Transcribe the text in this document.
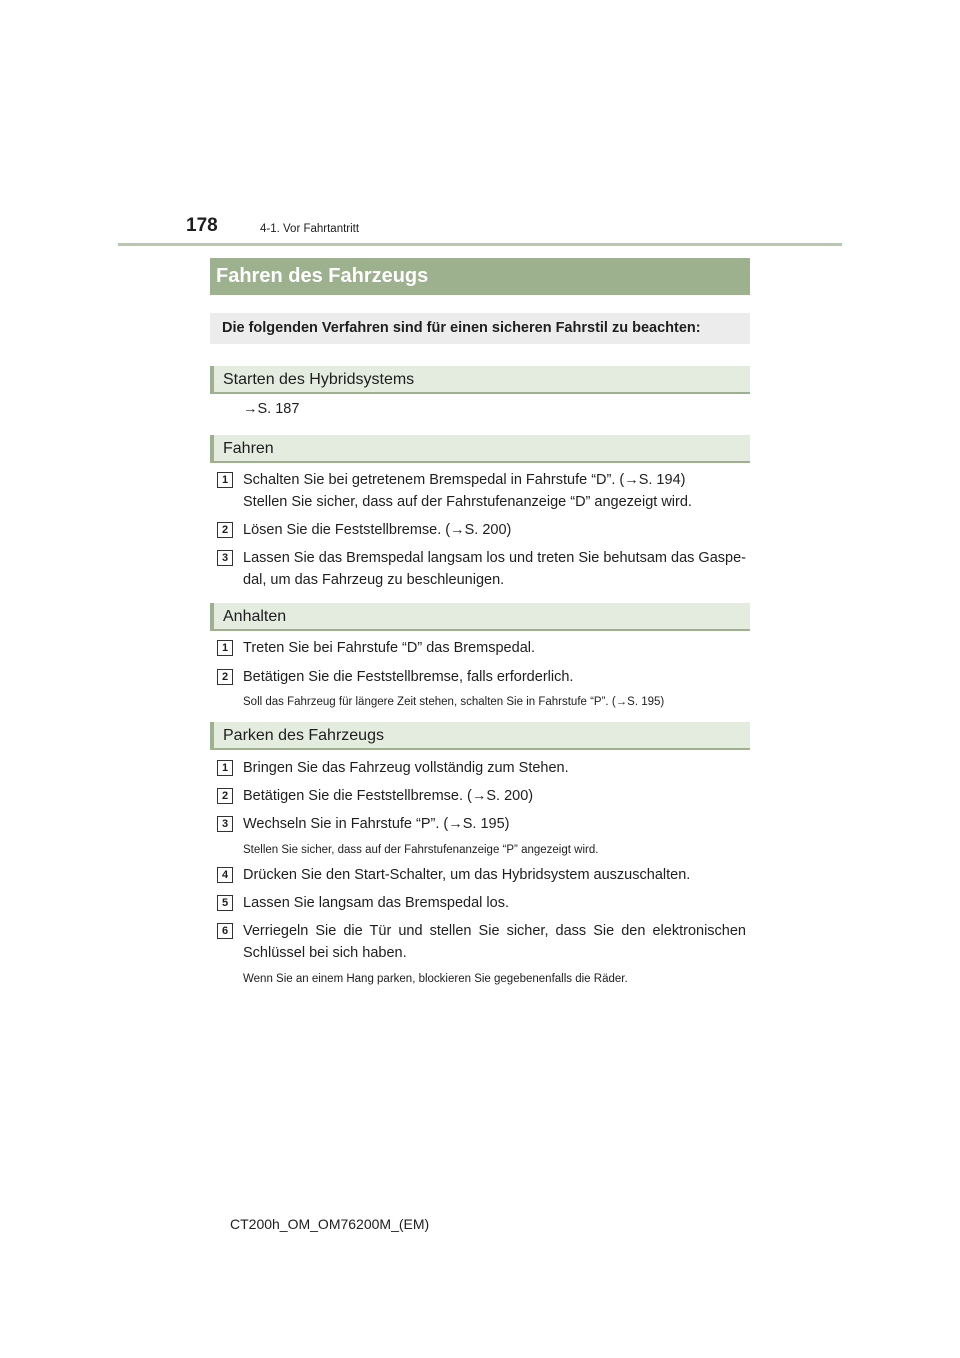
178	4-1. Vor Fahrtantritt
Fahren des Fahrzeugs
Die folgenden Verfahren sind für einen sicheren Fahrstil zu beachten:
Starten des Hybridsystems
→S. 187
Fahren
1	Schalten Sie bei getretenem Bremspedal in Fahrstufe “D”. (→S. 194)
Stellen Sie sicher, dass auf der Fahrstufenanzeige “D” angezeigt wird.
2	Lösen Sie die Feststellbremse. (→S. 200)
3	Lassen Sie das Bremspedal langsam los und treten Sie behutsam das Gaspe-
dal, um das Fahrzeug zu beschleunigen.
Anhalten
1	Treten Sie bei Fahrstufe “D” das Bremspedal.
2	Betätigen Sie die Feststellbremse, falls erforderlich.
Soll das Fahrzeug für längere Zeit stehen, schalten Sie in Fahrstufe “P”. (→S. 195)
Parken des Fahrzeugs
1	Bringen Sie das Fahrzeug vollständig zum Stehen.
2	Betätigen Sie die Feststellbremse. (→S. 200)
3	Wechseln Sie in Fahrstufe “P”. (→S. 195)
Stellen Sie sicher, dass auf der Fahrstufenanzeige “P” angezeigt wird.
4	Drücken Sie den Start-Schalter, um das Hybridsystem auszuschalten.
5	Lassen Sie langsam das Bremspedal los.
6	Verriegeln Sie die Tür und stellen Sie sicher, dass Sie den elektronischen
Schlüssel bei sich haben.
Wenn Sie an einem Hang parken, blockieren Sie gegebenenfalls die Räder.
CT200h_OM_OM76200M_(EM)
